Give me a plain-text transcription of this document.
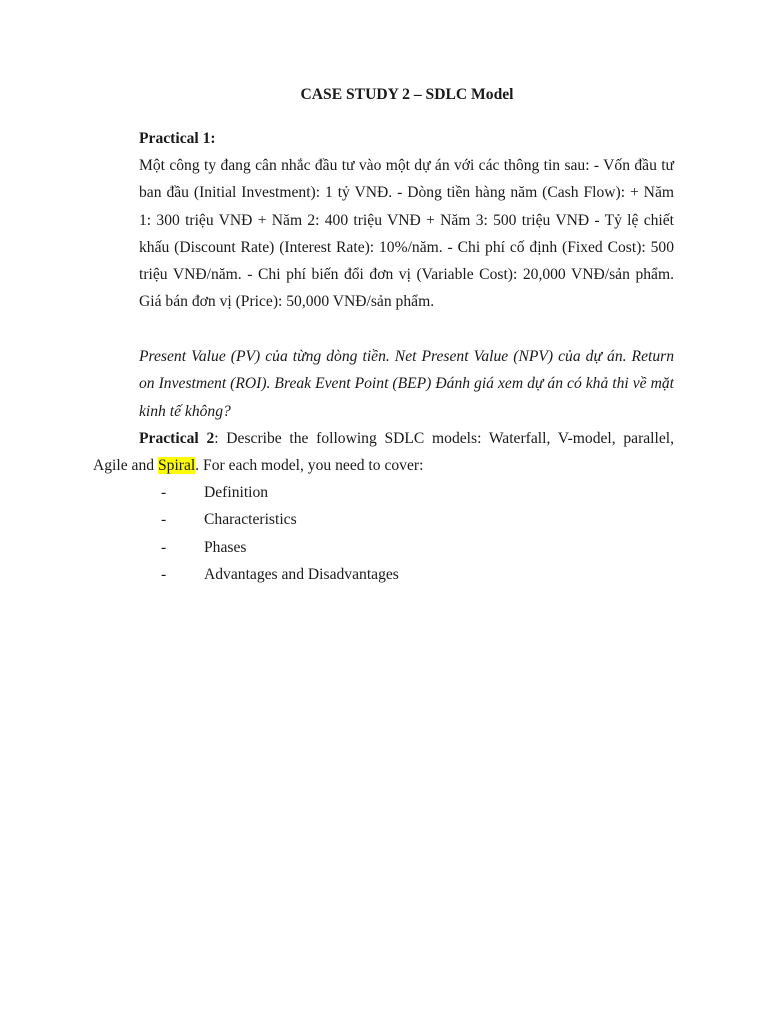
CASE STUDY 2 – SDLC Model
Practical 1:
Một công ty đang cân nhắc đầu tư vào một dự án với các thông tin sau: - Vốn đầu tư ban đầu (Initial Investment): 1 tỷ VNĐ. - Dòng tiền hàng năm (Cash Flow): + Năm 1: 300 triệu VNĐ + Năm 2: 400 triệu VNĐ + Năm 3: 500 triệu VNĐ - Tỷ lệ chiết khấu (Discount Rate) (Interest Rate): 10%/năm. - Chi phí cố định (Fixed Cost): 500 triệu VNĐ/năm. - Chi phí biến đổi đơn vị (Variable Cost): 20,000 VNĐ/sản phẩm. Giá bán đơn vị (Price): 50,000 VNĐ/sản phẩm.
Present Value (PV) của từng dòng tiền. Net Present Value (NPV) của dự án. Return on Investment (ROI). Break Event Point (BEP) Đánh giá xem dự án có khả thi về mặt kinh tế không?
Practical 2: Describe the following SDLC models: Waterfall, V-model, parallel, Agile and Spiral. For each model, you need to cover:
- Definition
- Characteristics
- Phases
- Advantages and Disadvantages
